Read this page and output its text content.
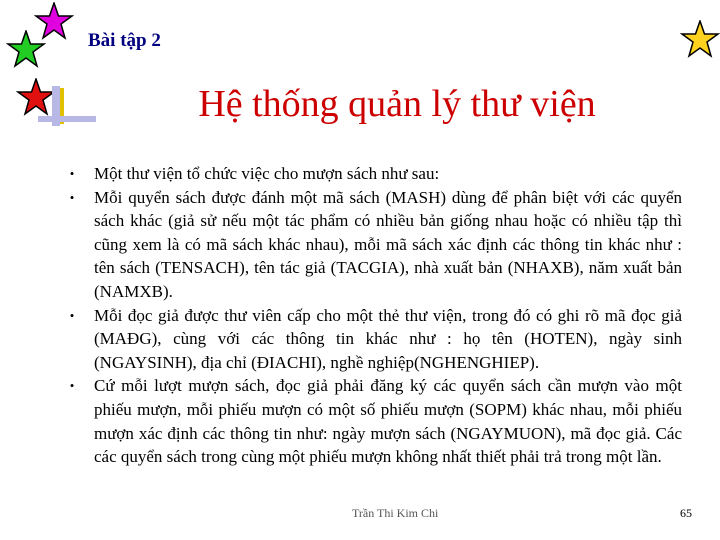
Bài tập 2
Hệ thống quản lý thư viện
•	Một thư viện tổ chức việc cho mượn sách như sau:
•	Mỗi quyển sách được đánh một mã sách (MASH) dùng để phân biệt với các quyển sách khác (giả sử nếu một tác phẩm có nhiều bản giống nhau hoặc có nhiều tập thì cũng xem là có mã sách khác nhau), mỗi mã sách xác định các thông tin khác như : tên sách (TENSACH), tên tác giả (TACGIA), nhà xuất bản (NHAXB), năm xuất bản (NAMXB).
•	Mỗi đọc giả được thư viên cấp cho một thẻ thư viện, trong đó có ghi rõ mã đọc giả (MAĐG), cùng với các thông tin khác như : họ tên (HOTEN), ngày sinh (NGAYSINH), địa chỉ (ĐIACHI), nghề nghiệp(NGHENGHIEP).
•	Cứ mỗi lượt mượn sách, đọc giả phải đăng ký các quyển sách cần mượn vào một phiếu mượn, mỗi phiếu mượn có một số phiếu mượn (SOPM) khác nhau, mỗi phiếu mượn xác định các thông tin như: ngày mượn sách (NGAYMUON), mã đọc giả. Các các quyển sách trong cùng một phiếu mượn không nhất thiết phải trả trong một lần.
Trần Thi Kim Chi	65
